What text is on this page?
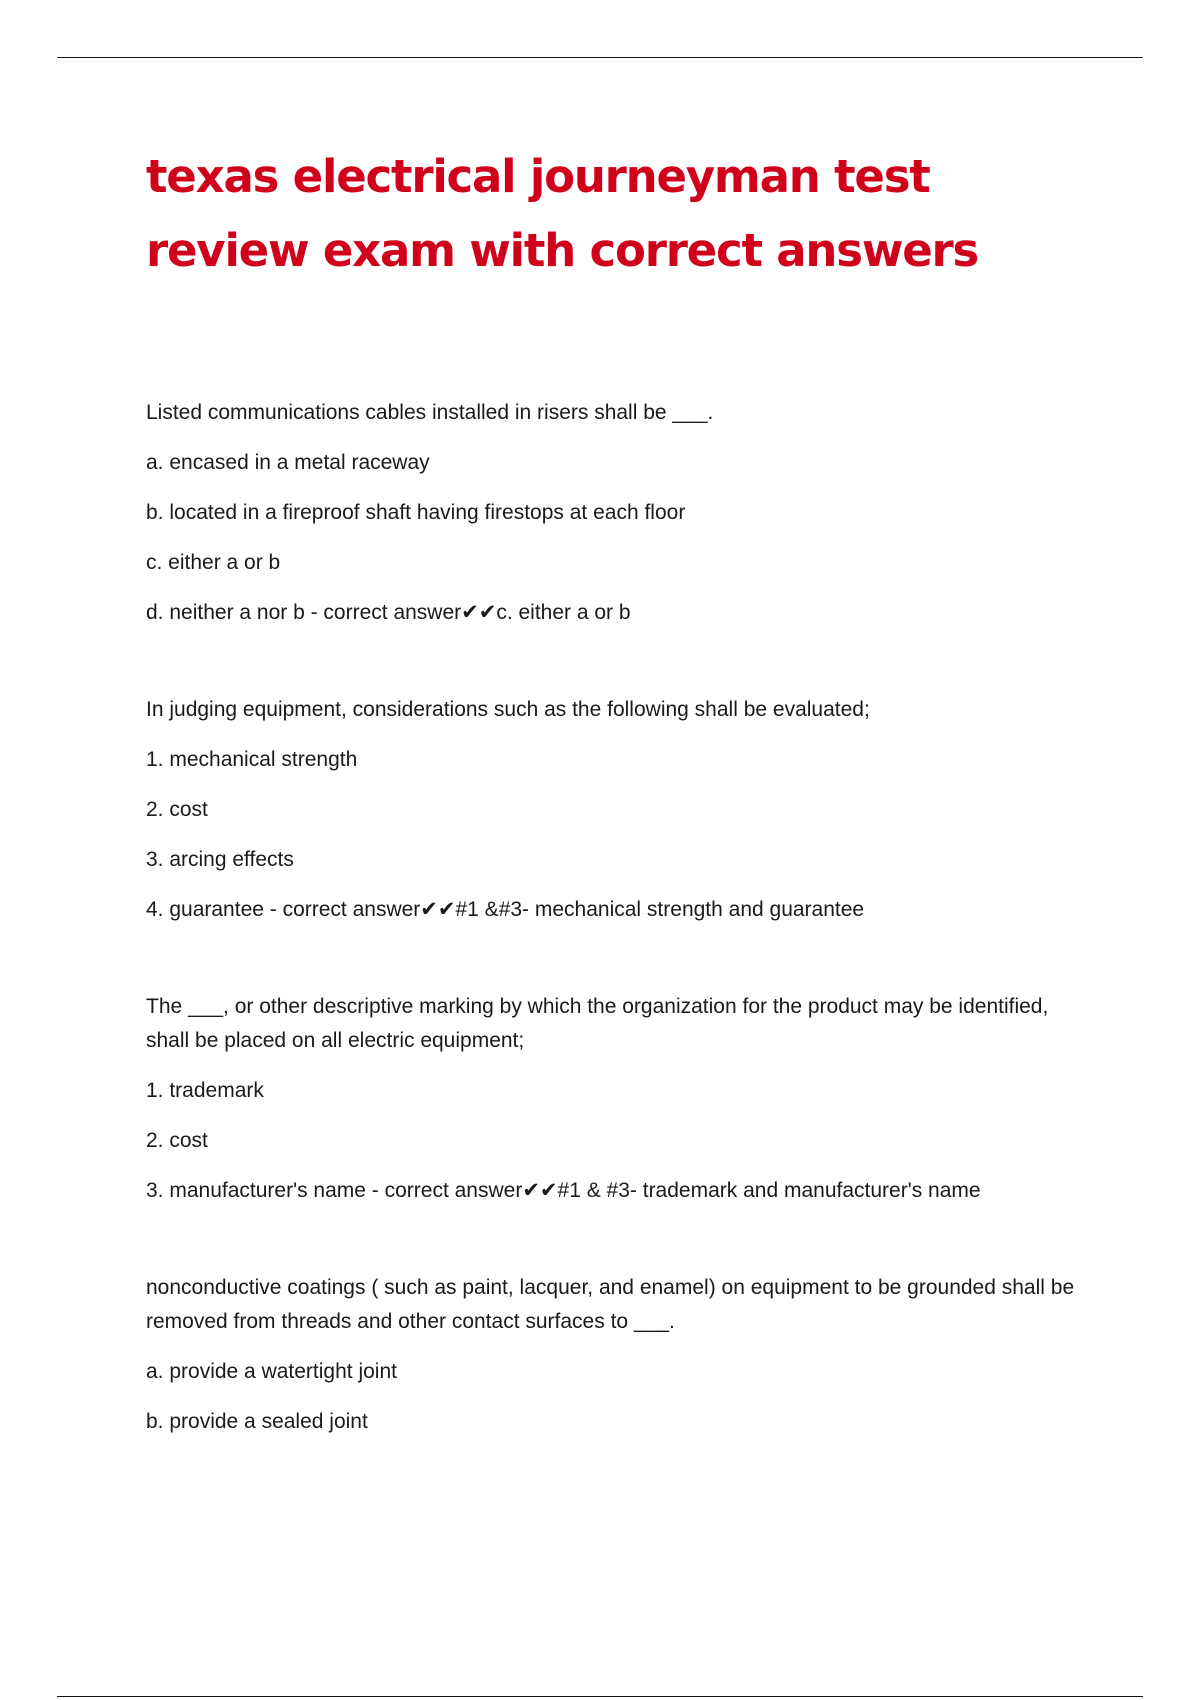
texas electrical journeyman test review exam with correct answers

Listed communications cables installed in risers shall be ___.

a. encased in a metal raceway

b. located in a fireproof shaft having firestops at each floor

c. either a or b

d. neither a nor b - correct answer✔✔c. either a or b

In judging equipment, considerations such as the following shall be evaluated;

1. mechanical strength

2. cost

3. arcing effects

4. guarantee - correct answer✔✔#1 &#3- mechanical strength and guarantee

The ___, or other descriptive marking by which the organization for the product may be identified, shall be placed on all electric equipment;

1. trademark

2. cost

3. manufacturer's name - correct answer✔✔#1 & #3- trademark and manufacturer's name

nonconductive coatings ( such as paint, lacquer, and enamel) on equipment to be grounded shall be removed from threads and other contact surfaces to ___.

a. provide a watertight joint

b. provide a sealed joint
